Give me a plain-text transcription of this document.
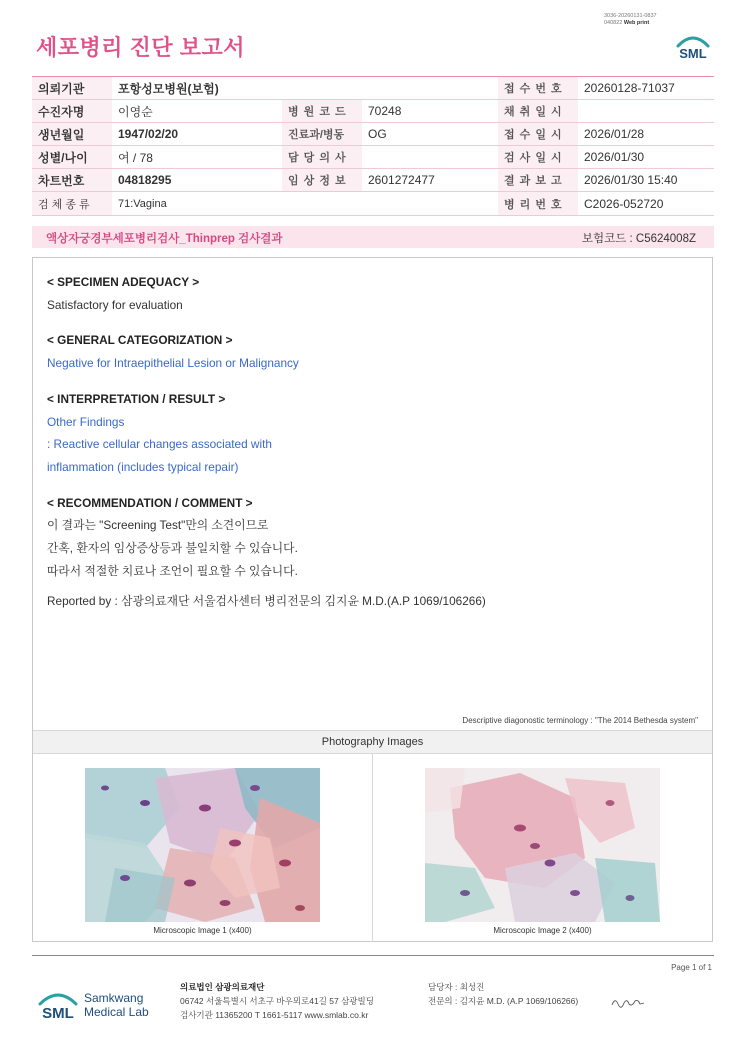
3036-20260131-0837
040822 Web print
세포병리 진단 보고서	SML
의뢰기관	포항성모병원(보험)			접 수 번 호	20260128-71037
수진자명	이영순	병 원 코 드	70248	채 취 일 시	
생년월일	1947/02/20	진료과/병동	OG	접 수 일 시	2026/01/28
성별/나이	여 / 78	담 당 의 사		검 사 일 시	2026/01/30
차트번호	04818295	임 상 정 보	2601272477	결 과 보 고	2026/01/30 15:40
검 체 종 류	71:Vagina			병 리 번 호	C2026-052720
액상자궁경부세포병리검사_Thinprep 검사결과	보험코드 : C5624008Z
< SPECIMEN ADEQUACY >
Satisfactory for evaluation
< GENERAL CATEGORIZATION >
Negative for Intraepithelial Lesion or Malignancy
< INTERPRETATION / RESULT >
Other Findings
: Reactive cellular changes associated with
inflammation (includes typical repair)
< RECOMMENDATION / COMMENT >
이 결과는 "Screening Test"만의 소견이므로
간혹, 환자의 임상증상등과 불일치할 수 있습니다.
따라서 적절한 치료나 조언이 필요할 수 있습니다.
Reported by : 삼광의료재단 서울검사센터 병리전문의 김지윤 M.D.(A.P 1069/106266)
Descriptive diagonostic terminology : "The 2014 Bethesda system"
Photography Images
Microscopic Image 1 (x400)	Microscopic Image 2 (x400)
Page 1 of 1
SML
Samkwang
Medical Lab
의료법인 삼광의료재단
06742 서울특별시 서초구 바우뫼로41길 57 삼광빌딩
검사기관 11365200 T 1661-5117 www.smlab.co.kr
담당자 : 최성진
전문의 : 김지윤 M.D. (A.P 1069/106266)
